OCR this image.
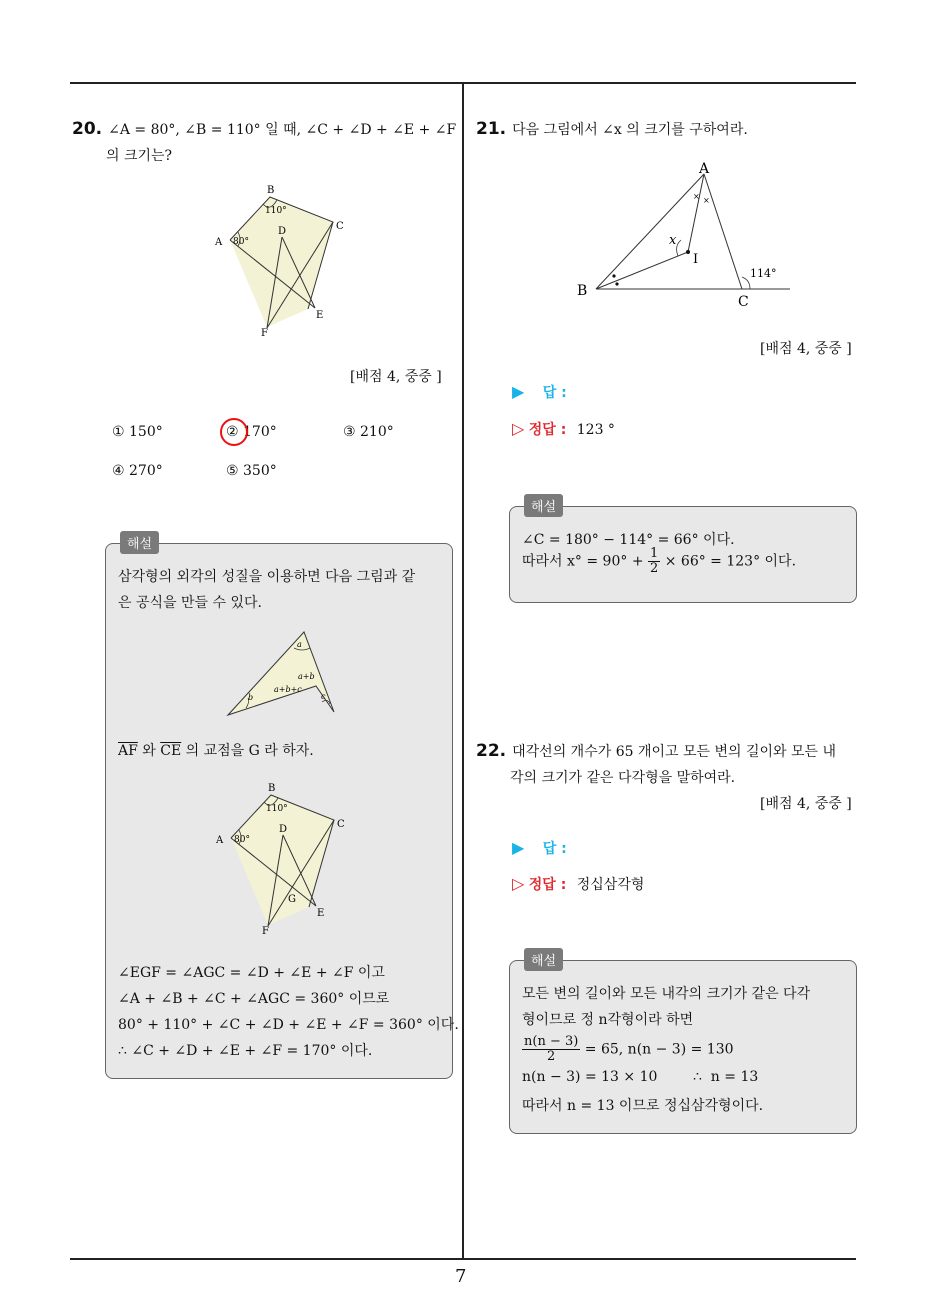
7
20. ∠A = 80°, ∠B = 110° 일 때, ∠C + ∠D + ∠E + ∠F
의 크기는?
B
110°
A 80°
C
D
E
F
[배점 4, 중중 ]
① 150°	② 170°	③ 210°
④ 270°	⑤ 350°
해설
삼각형의 외각의 성질을 이용하면 다음 그림과 같
은 공식을 만들 수 있다.
a
a+b
a+b+c
b	c
$\overline{AF}$ 와 $\overline{CE}$ 의 교점을 G 라 하자.
B
110°
A 80°
C
D
G
E
F
∠EGF = ∠AGC = ∠D + ∠E + ∠F 이고
∠A + ∠B + ∠C + ∠AGC = 360° 이므로
80° + 110° + ∠C + ∠D + ∠E + ∠F = 360° 이다.
∴ ∠C + ∠D + ∠E + ∠F = 170° 이다.
21. 다음 그림에서 ∠x 의 크기를 구하여라.
× ×
A
x
I
114°
B
C
[배점 4, 중중 ]
▶ 답 :
▷ 정답 : 123 °
해설
∠C = 180° − 114° = 66° 이다.
따라서 $x^\circ = 90^\circ + \frac{1}{2} \times 66^\circ = 123^\circ$ 이다.
22. 대각선의 개수가 65 개이고 모든 변의 길이와 모든 내
각의 크기가 같은 다각형을 말하여라.
[배점 4, 중중 ]
▶ 답 :
▷ 정답 : 정십삼각형
해설
모든 변의 길이와 모든 내각의 크기가 같은 다각
형이므로 정 n각형이라 하면
$\frac{n(n - 3)}{2} = 65$, n(n − 3) = 130
n(n − 3) = 13 × 10        ∴  n = 13
따라서 n = 13 이므로 정십삼각형이다.
